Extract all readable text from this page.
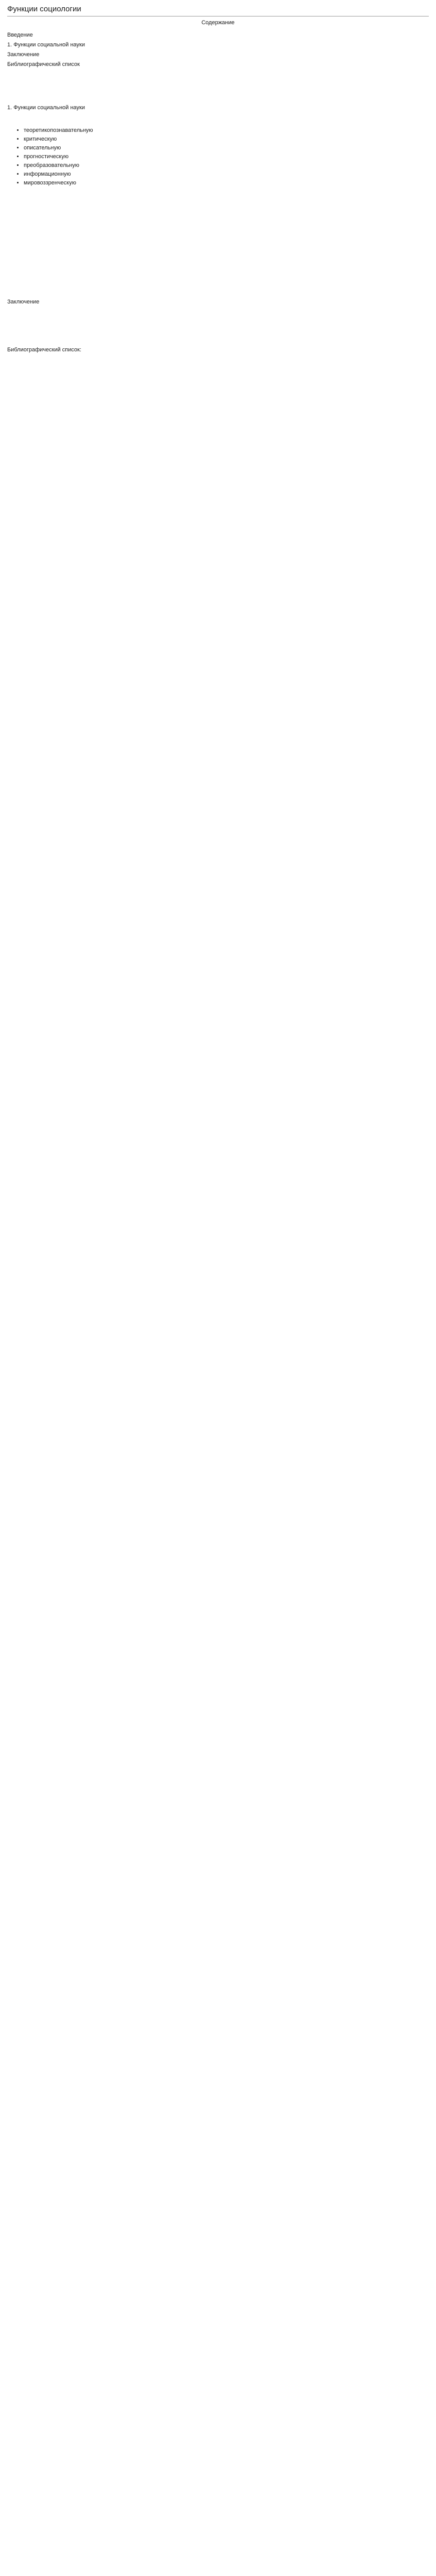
Функции социологии
Содержание
Введение
1. Функции социальной науки
Заключение
Библиографический список
1. Функции социальной науки

• теоретикопознавательную
• критическую
• описательную
• прогностическую
• преобразовательную
• информационную
• мировоззренческую

Заключение

Библиографический список:
